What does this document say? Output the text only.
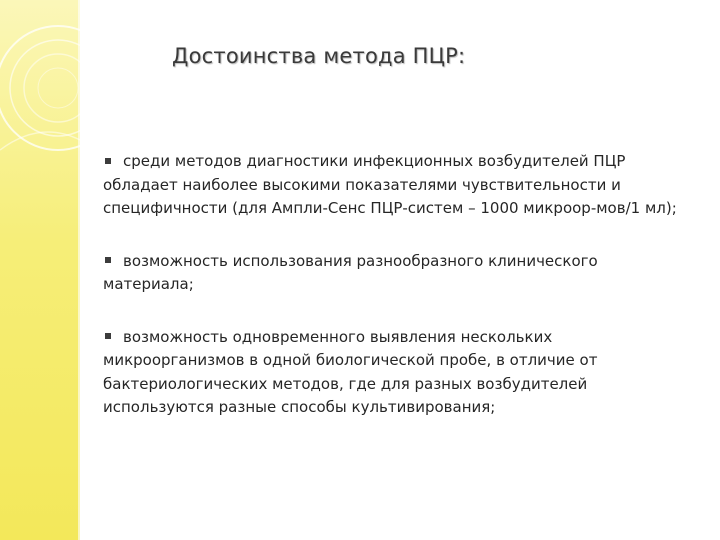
Достоинства метода ПЦР:
среди методов диагностики инфекционных возбудителей ПЦР обладает наиболее высокими показателями чувствительности и специфичности (для Ампли-Сенс ПЦР-систем – 1000 микроор-мов/1 мл);
возможность использования разнообразного клинического материала;
возможность одновременного выявления нескольких микроорганизмов в одной биологической пробе, в отличие от бактериологических методов, где для разных возбудителей используются разные способы культивирования;
